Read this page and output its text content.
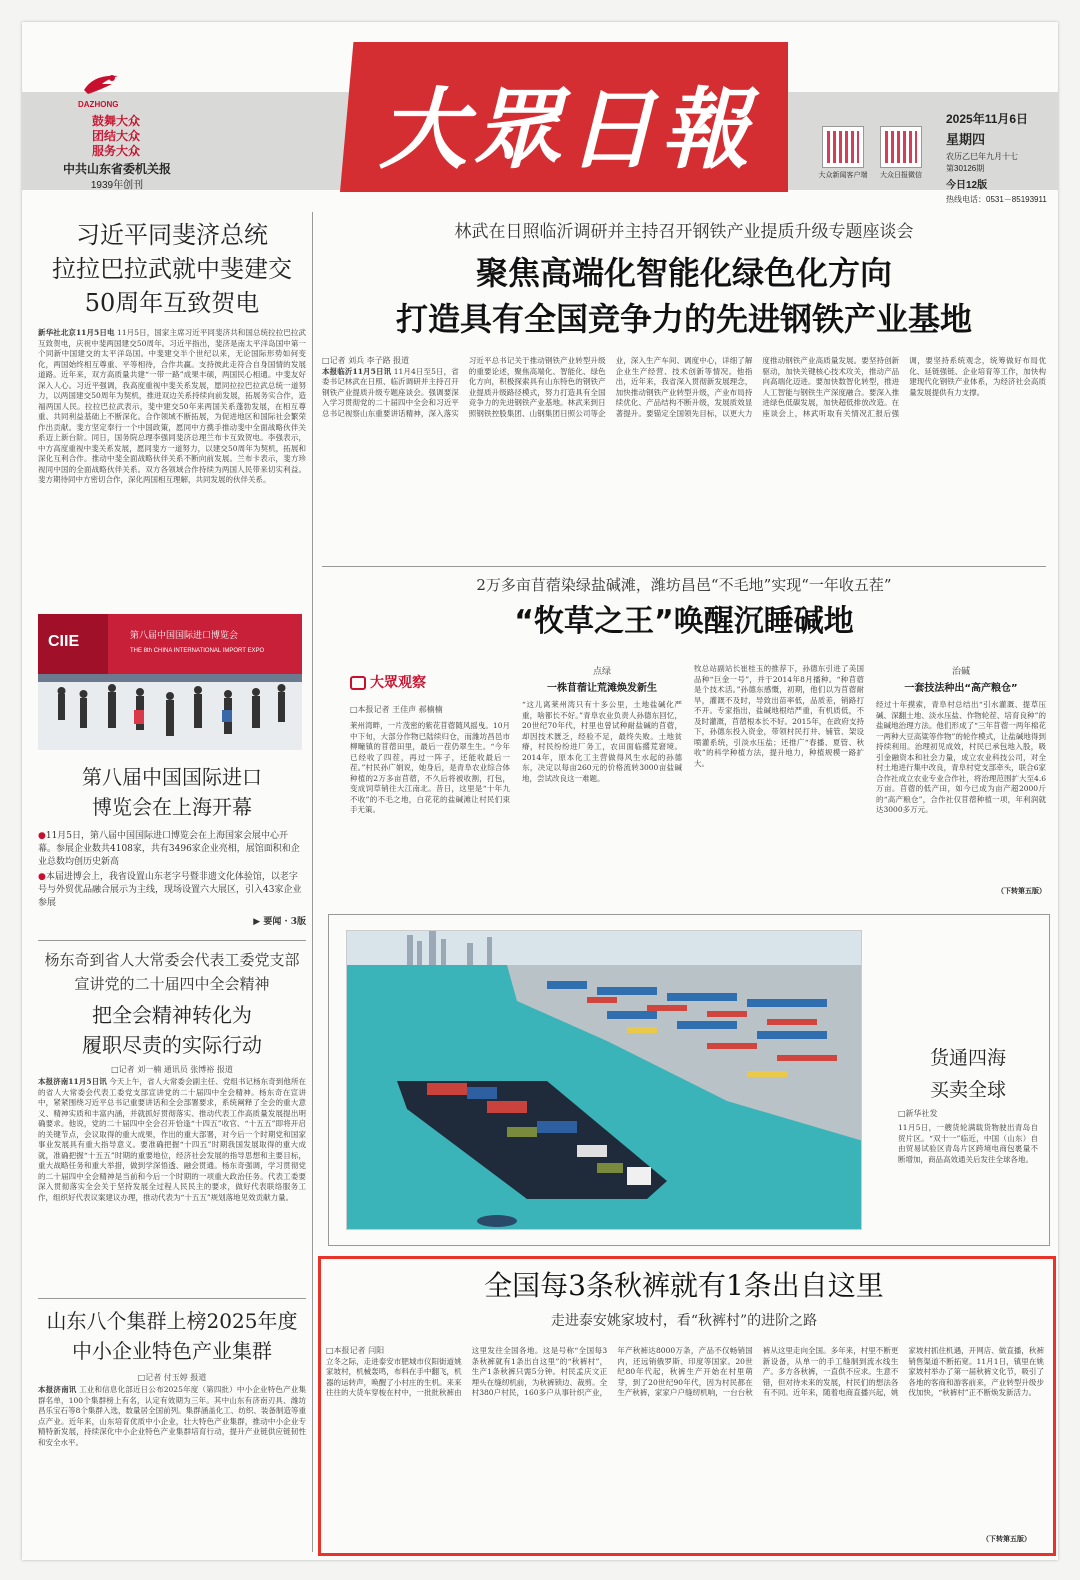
DAZHONG
鼓舞大众
团结大众
服务大众
中共山东省委机关报
1939年创刊
大眾日報	大众新闻客户端	大众日报微信
2025年11月6日
星期四
农历乙巳年九月十七
第30126期
今日12版
热线电话：0531－85193911
习近平同斐济总统
拉拉巴拉武就中斐建交
50周年互致贺电
新华社北京11月5日电 11月5日，国家主席习近平同斐济共和国总统拉拉巴拉武互致贺电，庆祝中斐两国建交50周年。习近平指出，斐济是南太平洋岛国中第一个同新中国建交的太平洋岛国。中斐建交半个世纪以来，无论国际形势如何变化，两国始终相互尊重、平等相待，合作共赢。支持彼此走符合自身国情的发展道路。近年来，双方高质量共建“一带一路”成果丰硕，两国民心相通。中斐友好深入人心。习近平强调，我高度重视中斐关系发展，愿同拉拉巴拉武总统一道努力，以两国建交50周年为契机，推进双边关系持续向前发展，拓展务实合作，造福两国人民。拉拉巴拉武表示，斐中建交50年来两国关系蓬勃发展，在相互尊重、共同利益基础上不断深化。合作领域不断拓展，为促进地区和国际社会繁荣作出贡献。斐方坚定奉行一个中国政策，愿同中方携手推动斐中全面战略伙伴关系迈上新台阶。同日，国务院总理李强同斐济总理兰布卡互致贺电。李强表示，中方高度重视中斐关系发展，愿同斐方一道努力，以建交50周年为契机，拓展和深化互利合作。推动中斐全面战略伙伴关系不断向前发展。兰布卡表示，斐方珍视同中国的全面战略伙伴关系。双方各领域合作持续为两国人民带来切实利益。斐方期待同中方密切合作，深化两国相互理解，共同发展的伙伴关系。
CIIE	第八届中国国际进口博览会
THE 8th CHINA INTERNATIONAL IMPORT EXPO
第八届中国国际进口
博览会在上海开幕
●11月5日，第八届中国国际进口博览会在上海国家会展中心开幕。参展企业数共4108家，共有3496家企业亮相，展馆面积和企业总数均创历史新高
●本届进博会上，我省设置山东老字号暨非遗文化体验馆，以老字号与外贸优品融合展示为主线，现场设置六大展区，引入43家企业参展
▶ 要闻 · 3版
杨东奇到省人大常委会代表工委党支部
宣讲党的二十届四中全会精神
把全会精神转化为
履职尽责的实际行动
□记者 刘一楠 通讯员 张博裕 报道
本报济南11月5日讯 今天上午，省人大常委会副主任、党组书记杨东奇到他所在的省人大常委会代表工委党支部宣讲党的二十届四中全会精神。杨东奇在宣讲中，紧紧围绕习近平总书记重要讲话和全会部署要求，系统阐释了全会的重大意义、精神实质和丰富内涵，并就抓好贯彻落实、推动代表工作高质量发展提出明确要求。他说，党的二十届四中全会召开恰逢“十四五”收官、“十五五”即将开启的关键节点，会议取得的重大成果，作出的重大部署，对今后一个时期党和国家事业发展具有重大指导意义。要准确把握“十四五”时期我国发展取得的重大成就，准确把握“十五五”时期的重要地位，经济社会发展的指导思想和主要目标，重大战略任务和重大举措，做到学深悟透、融会贯通。杨东奇强调，学习贯彻党的二十届四中全会精神是当前和今后一个时期的一项重大政治任务。代表工委要深入贯彻落实全会关于坚持发展全过程人民民主的要求，做好代表联络服务工作，组织好代表议案建议办理，推动代表为“十五五”规划落地见效贡献力量。
山东八个集群上榜2025年度
中小企业特色产业集群
□记者 付玉婷 报道
本报济南讯 工业和信息化部近日公布2025年度（第四批）中小企业特色产业集群名单，100个集群榜上有名，认定有效期为三年。其中山东有济南刃具、潍坊昌乐宝石等8个集群入选，数量居全国前列。集群涵盖化工、纺织、装备制造等重点产业。近年来，山东培育优质中小企业，壮大特色产业集群，推动中小企业专精特新发展，持续深化中小企业特色产业集群培育行动，提升产业链供应链韧性和安全水平。
林武在日照临沂调研并主持召开钢铁产业提质升级专题座谈会
聚焦高端化智能化绿色化方向
打造具有全国竞争力的先进钢铁产业基地
□记者 刘兵 李子路 报道
本报临沂11月5日讯 11月4日至5日，省委书记林武在日照、临沂调研并主持召开钢铁产业提质升级专题座谈会。强调要深入学习贯彻党的二十届四中全会和习近平总书记视察山东重要讲话精神，深入落实习近平总书记关于推动钢铁产业转型升级的重要论述，聚焦高端化、智能化、绿色化方向，积极探索具有山东特色的钢铁产业提质升级路径模式，努力打造具有全国竞争力的先进钢铁产业基地。林武来到日照钢铁控股集团、山钢集团日照公司等企业，深入生产车间、调度中心，详细了解企业生产经营、技术创新等情况。他指出，近年来，我省深入贯彻新发展理念，加快推动钢铁产业转型升级，产业布局持续优化、产品结构不断升级，发展质效显著提升。要锚定全国领先目标，以更大力度推动钢铁产业高质量发展。要坚持创新驱动，加快关键核心技术攻关，推动产品向高端化迈进。要加快数智化转型，推进人工智能与钢铁生产深度融合。要深入推进绿色低碳发展，加快超低排放改造。在座谈会上，林武听取有关情况汇报后强调，要坚持系统观念，统筹做好布局优化、延链强链、企业培育等工作，加快构建现代化钢铁产业体系，为经济社会高质量发展提供有力支撑。
2万多亩苜蓿染绿盐碱滩，潍坊昌邑“不毛地”实现“一年收五茬”
“牧草之王”唤醒沉睡碱地
大眾观察
□本报记者 王佳声 郝楠楠
莱州湾畔，一片茂密的紫花苜蓿随风摇曳。10月中下旬，大部分作物已陆续归仓，而潍坊昌邑市柳疃镇的苜蓿田里，最后一茬仍翠生生。“今年已经收了四茬，再过一阵子，还能收最后一茬。”村民孙广娟说，她身后，是青阜农业综合体种植的2万多亩苜蓿，不久后将被收割，打包，变成饲草销往大江南北。昔日，这里是“十年九不收”的不毛之地，白花花的盐碱滩让村民们束手无策。
点绿
一株苜蓿让荒滩焕发新生
“这儿离莱州湾只有十多公里，土地盐碱化严重，啥都长不好。”青阜农业负责人孙德东回忆，20世纪70年代，村里也曾试种耐盐碱的苜蓿，却因技术匮乏，经验不足，最终失败。土地贫瘠，村民纷纷进厂务工，农田面临撂荒窘境。2014年，原本化工主营做得风生水起的孙德东，决定以每亩260元的价格流转3000亩盐碱地，尝试改良这一难题。
牧总站副站长崔桂玉的推荐下，孙德东引进了美国品种“巨金一号”，并于2014年8月播种。“种苜蓿是个技术活。”孙德东感慨，初期，他们以为苜蓿耐旱，灌溉不及时，导致出苗率低，品质差，销路打不开。专家指出，盐碱地根结严重，有机质低，不及时灌溉，苜蓿根本长不好。2015年，在政府支持下，孙德东投入资金，带领村民打井、铺管、架设喷灌系统，引淡水压盐；还推广“春播、夏管、秋收”的科学种植方法，提升地力，种植规模一路扩大。
治碱
一套技法种出“高产粮仓”
经过十年摸索，青阜村总结出“引水灌溉、提草压碱、深翻土地、淡水压盐、作物轮茬、培育良种”的盐碱地治理方法。他们形成了“三年苜蓿一两年棉花一两种大豆高粱等作物”的轮作模式，让盐碱地得到持续利用。治理初见成效，村民已承包地入股，吸引金融资本和社会力量，成立农业科技公司，对全村土地进行集中改良，青阜村党支部牵头，联合6家合作社成立农业专业合作社，将治理范围扩大至4.6万亩。苜蓿的低产田，如今已成为亩产超2000斤的“高产粮仓”，合作社仅苜蓿种植一项，年利润就达3000多万元。
（下转第五版）
货通四海
买卖全球
□新华社发
11月5日，一艘货轮满载货物驶出青岛自贸片区。“双十一”临近，中国（山东）自由贸易试验区青岛片区跨境电商包裹量不断增加，商品高效通关后发往全球各地。
全国每3条秋裤就有1条出自这里
走进泰安姚家坡村，看“秋裤村”的进阶之路
□本报记者 闫阳
立冬之际，走进泰安市肥城市仪阳街道姚家坡村，机械轰鸣，布料在手中翻飞，机器的运转声，唤醒了小村庄的生机。来来往往的大货车穿梭在村中，一批批秋裤由这里发往全国各地。这是号称“全国每3条秋裤就有1条出自这里”的“秋裤村”，生产1条秋裤只需5分钟。村民孟庆文正埋头在缝纫机前，为秋裤锁边、裁剪。全村380户村民，160多户从事针织产业，年产秋裤达8000万条，产品不仅畅销国内，还远销俄罗斯、印度等国家。20世纪80年代起，秋裤生产开始在村里萌芽，到了20世纪90年代，因为村民都在生产秋裤，家家户户缝纫机响，一台台秋裤从这里走向全国。多年来，村里不断更新设备，从单一的手工缝制到流水线生产。多方各秋裤，一直供不应求。生意不错，但对待未来的发展，村民们的想法各有不同。近年来，随着电商直播兴起，姚家坡村抓住机遇，开网店、做直播，秋裤销售渠道不断拓宽。11月1日，镇里在姚家坡村举办了第一届秋裤文化节，吸引了各地的客商和游客前来，产业转型升级步伐加快，“秋裤村”正不断焕发新活力。
（下转第五版）
